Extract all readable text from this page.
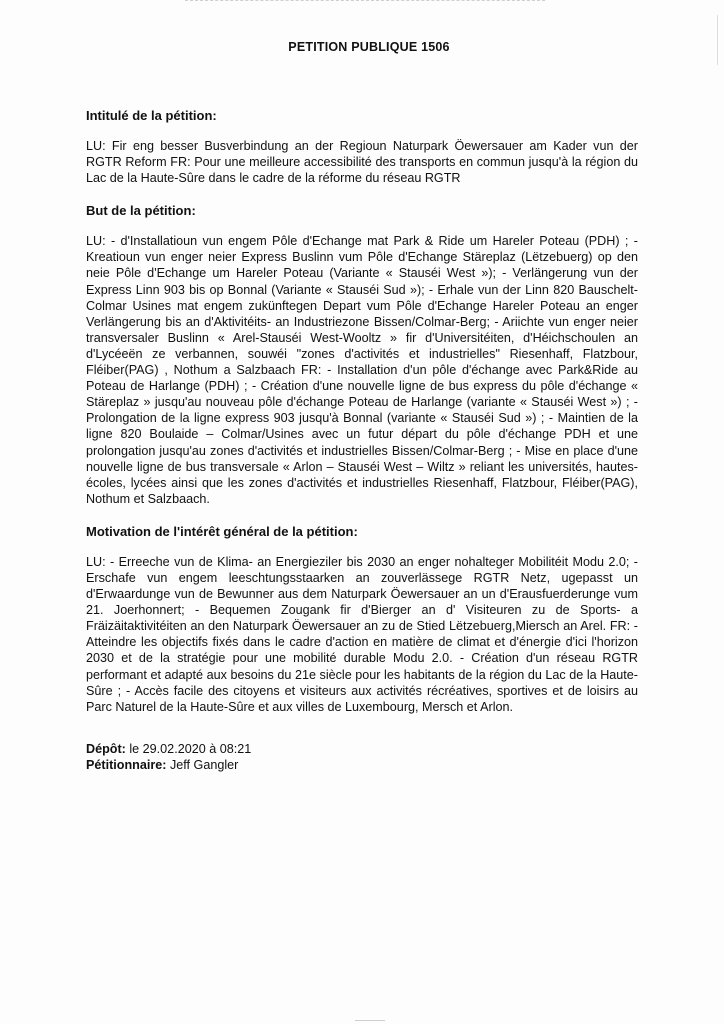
PETITION PUBLIQUE 1506
Intitulé de la pétition:
LU: Fir eng besser Busverbindung an der Regioun Naturpark Öewersauer am Kader vun der RGTR Reform FR: Pour une meilleure accessibilité des transports en commun jusqu'à la région du Lac de la Haute-Sûre dans le cadre de la réforme du réseau RGTR
But de la pétition:
LU: - d'Installatioun vun engem Pôle d'Echange mat Park & Ride um Hareler Poteau (PDH) ; - Kreatioun vun enger neier Express Buslinn vum Pôle d'Echange Stäreplaz (Lëtzebuerg) op den neie Pôle d'Echange um Hareler Poteau (Variante « Stauséi West »); - Verlängerung vun der Express Linn 903 bis op Bonnal (Variante « Stauséi Sud »); - Erhale vun der Linn 820 Bauschelt-Colmar Usines mat engem zukünftegen Depart vum Pôle d'Echange Hareler Poteau an enger Verlängerung bis an d'Aktivitéits- an Industriezone Bissen/Colmar-Berg; - Ariichte vun enger neier transversaler Buslinn « Arel-Stauséi West-Wooltz » fir d'Universitéiten, d'Héichschoulen an d'Lycéeën ze verbannen, souwéi "zones d'activités et industrielles" Riesenhaff, Flatzbour, Fléiber(PAG) , Nothum a Salzbaach FR: - Installation d'un pôle d'échange avec Park&Ride au Poteau de Harlange (PDH) ; - Création d'une nouvelle ligne de bus express du pôle d'échange « Stäreplaz » jusqu'au nouveau pôle d'échange Poteau de Harlange (variante « Stauséi West ») ; - Prolongation de la ligne express 903 jusqu'à Bonnal (variante « Stauséi Sud ») ; - Maintien de la ligne 820 Boulaide – Colmar/Usines avec un futur départ du pôle d'échange PDH et une prolongation jusqu'au zones d'activités et industrielles Bissen/Colmar-Berg ; - Mise en place d'une nouvelle ligne de bus transversale « Arlon – Stauséi West – Wiltz » reliant les universités, hautes-écoles, lycées ainsi que les zones d'activités et industrielles Riesenhaff, Flatzbour, Fléiber(PAG), Nothum et Salzbaach.
Motivation de l'intérêt général de la pétition:
LU: - Erreeche vun de Klima- an Energieziler bis 2030 an enger nohalteger Mobilitéit Modu 2.0; - Erschafe vun engem leeschtungsstaarken an zouverlässege RGTR Netz, ugepasst un d'Erwaardunge vun de Bewunner aus dem Naturpark Öewersauer an un d'Erausfuerderunge vum 21. Joerhonnert; - Bequemen Zougank fir d'Bierger an d' Visiteuren zu de Sports- a Fräizäitaktivitéiten an den Naturpark Öewersauer an zu de Stied Lëtzebuerg,Miersch an Arel. FR: - Atteindre les objectifs fixés dans le cadre d'action en matière de climat et d'énergie d'ici l'horizon 2030 et de la stratégie pour une mobilité durable Modu 2.0. - Création d'un réseau RGTR performant et adapté aux besoins du 21e siècle pour les habitants de la région du Lac de la Haute-Sûre ; - Accès facile des citoyens et visiteurs aux activités récréatives, sportives et de loisirs au Parc Naturel de la Haute-Sûre et aux villes de Luxembourg, Mersch et Arlon.

Dépôt: le 29.02.2020 à 08:21

Pétitionnaire: Jeff Gangler
